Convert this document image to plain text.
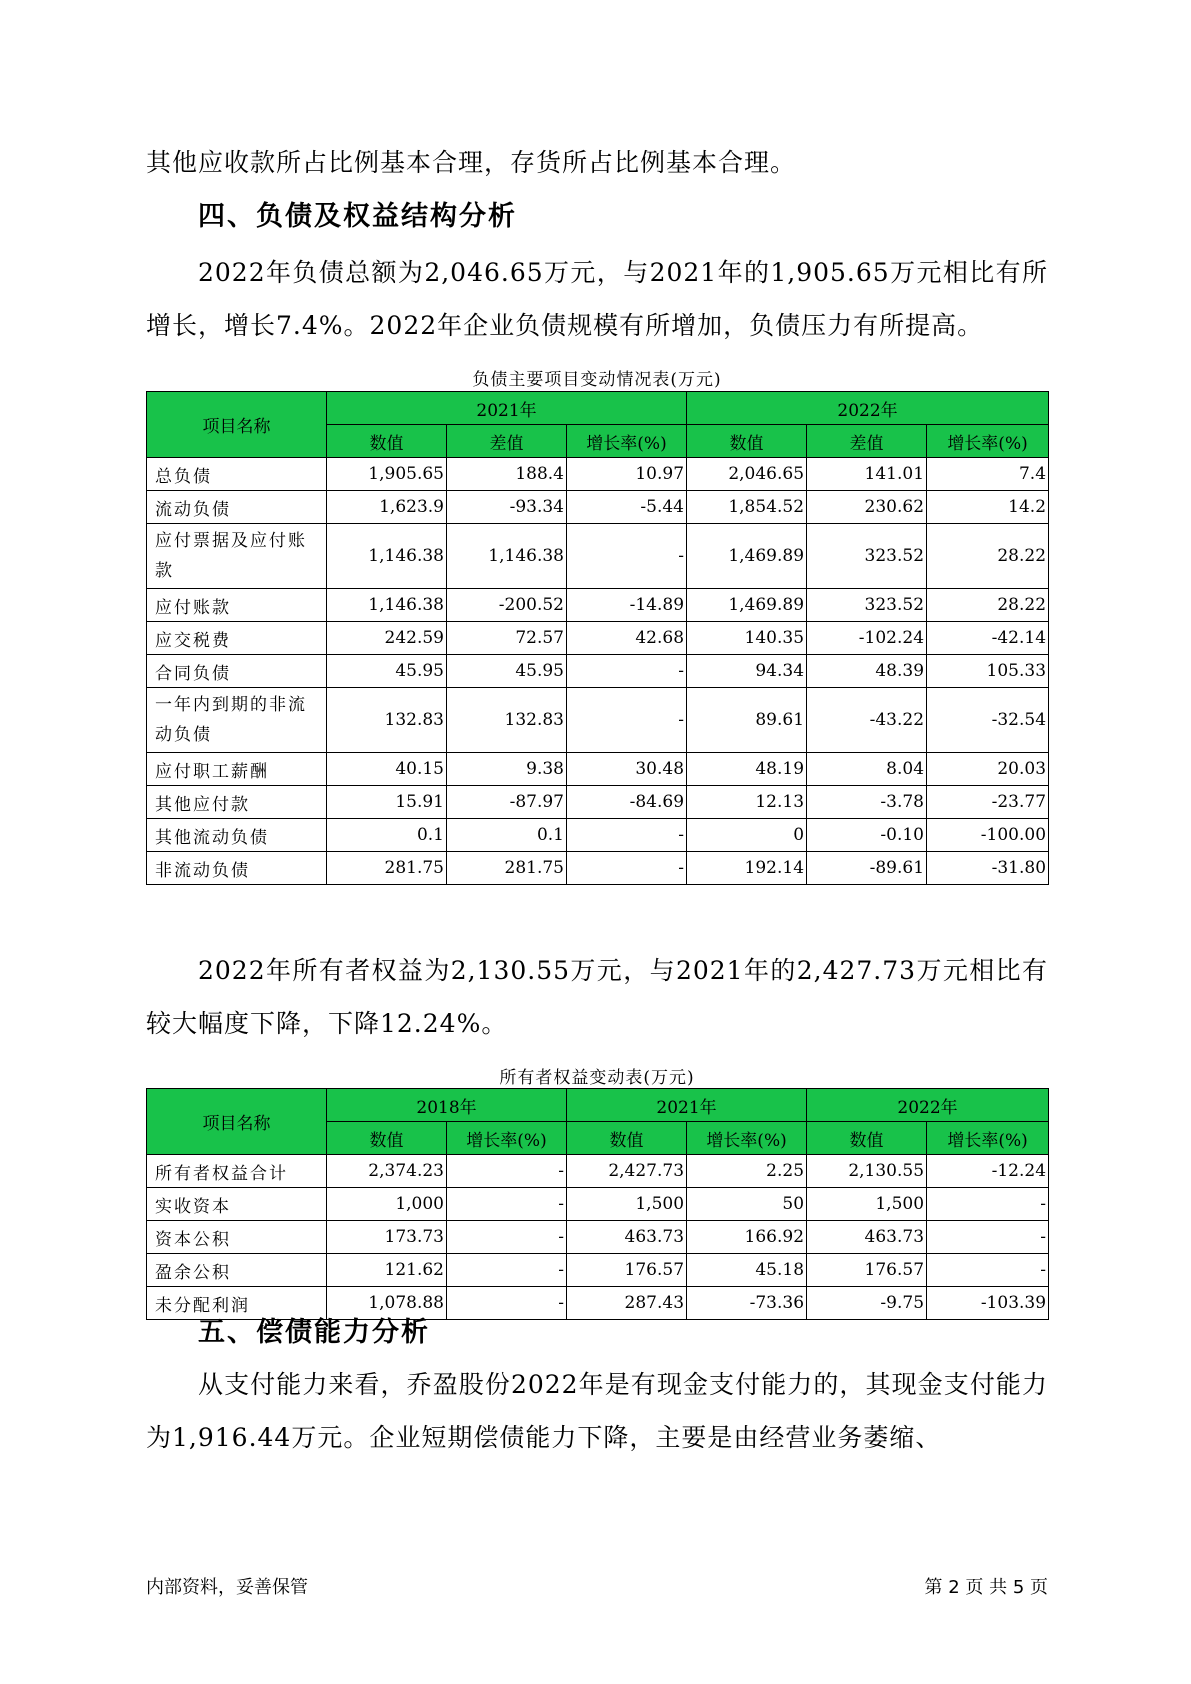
其他应收款所占比例基本合理，存货所占比例基本合理。

四、负债及权益结构分析

2022年负债总额为2,046.65万元，与2021年的1,905.65万元相比有所增长，增长7.4%。2022年企业负债规模有所增加，负债压力有所提高。

负债主要项目变动情况表(万元)

项目名称	2021年			2022年		
	数值	差值	增长率(%)	数值	差值	增长率(%)
总负债	1,905.65	188.4	10.97	2,046.65	141.01	7.4
流动负债	1,623.9	-93.34	-5.44	1,854.52	230.62	14.2
应付票据及应付账款	1,146.38	1,146.38	-	1,469.89	323.52	28.22
应付账款	1,146.38	-200.52	-14.89	1,469.89	323.52	28.22
应交税费	242.59	72.57	42.68	140.35	-102.24	-42.14
合同负债	45.95	45.95	-	94.34	48.39	105.33
一年内到期的非流动负债	132.83	132.83	-	89.61	-43.22	-32.54
应付职工薪酬	40.15	9.38	30.48	48.19	8.04	20.03
其他应付款	15.91	-87.97	-84.69	12.13	-3.78	-23.77
其他流动负债	0.1	0.1	-	0	-0.10	-100.00
非流动负债	281.75	281.75	-	192.14	-89.61	-31.80

2022年所有者权益为2,130.55万元，与2021年的2,427.73万元相比有较大幅度下降，下降12.24%。

所有者权益变动表(万元)

项目名称	2018年		2021年		2022年	
	数值	增长率(%)	数值	增长率(%)	数值	增长率(%)
所有者权益合计	2,374.23	-	2,427.73	2.25	2,130.55	-12.24
实收资本	1,000	-	1,500	50	1,500	-
资本公积	173.73	-	463.73	166.92	463.73	-
盈余公积	121.62	-	176.57	45.18	176.57	-
未分配利润	1,078.88	-	287.43	-73.36	-9.75	-103.39
五、偿债能力分析

从支付能力来看，乔盈股份2022年是有现金支付能力的，其现金支付能力为1,916.44万元。企业短期偿债能力下降，主要是由经营业务萎缩、

内部资料，妥善保管	第 2 页 共 5 页
